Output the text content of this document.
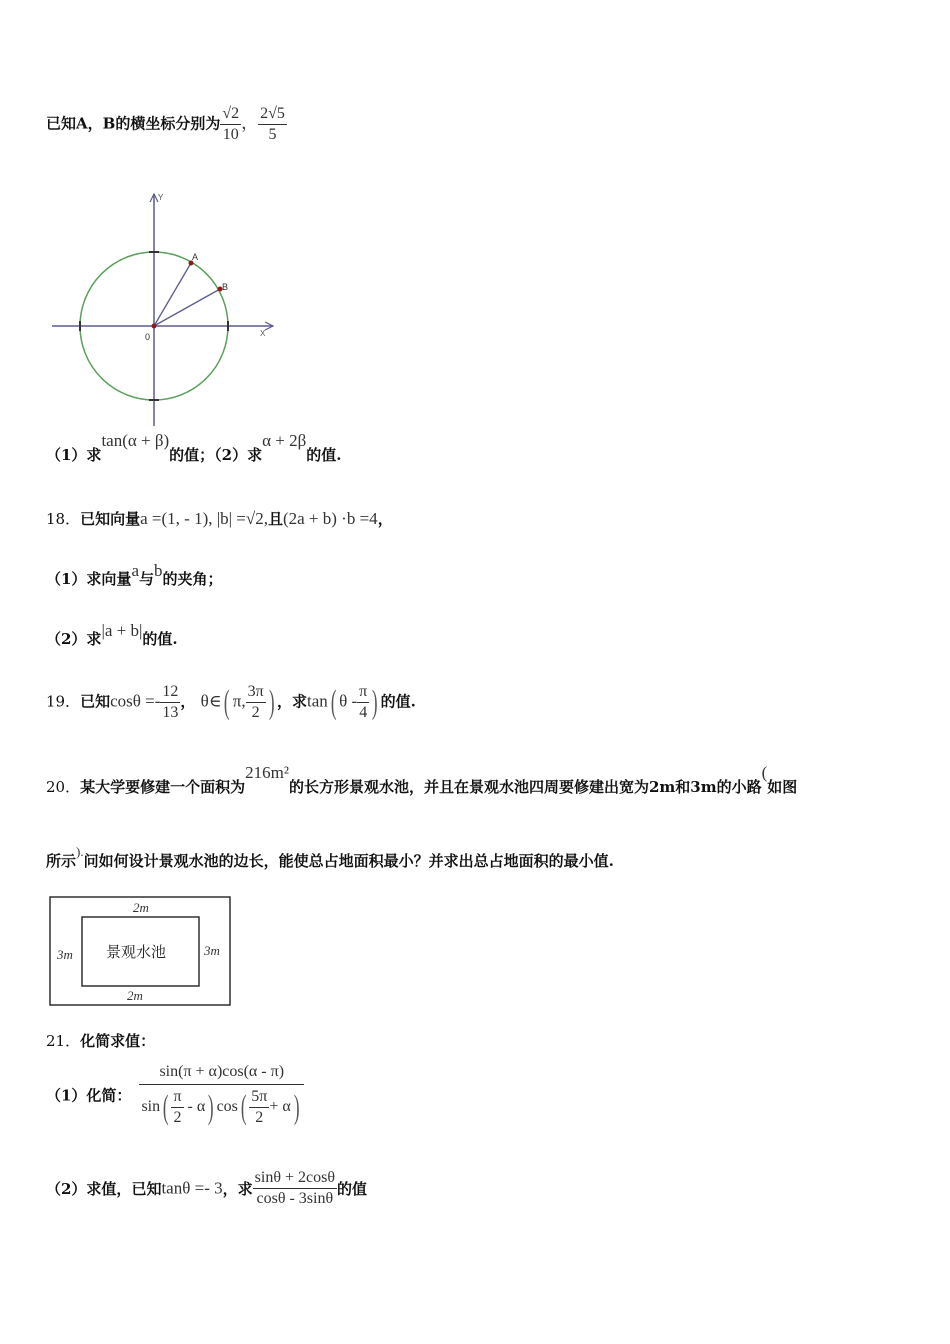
已知A，B的横坐标分别为 $\frac{√2}{10}$ ， $\frac{2√5}{5}$
A
B
0
Y
X
（1）求tan(α + β)的值；（2）求α + 2β的值.
18．已知向量a =(1, - 1), |b| =√2,且(2a + b) ·b =4，
（1）求向量a与b的夹角；
（2）求|a + b|的值.
19．已知$\cos\theta =- \frac{12}{13}$ ， θ∈( π, $\frac{3\pi}{2}$ ) ，求tan( θ - $\frac{\pi}{4}$ ) 的值.
20．某大学要修建一个面积为216m²的长方形景观水池，并且在景观水池四周要修建出宽为2m和3m的小路(如图
所示).问如何设计景观水池的边长，能使总占地面积最小？并求出总占地面积的最小值.
2m
2m
3m	3m
景观水池
21．化简求值：
（1）化简： $\frac{\sin(\pi + \alpha)\cos(\alpha - \pi)}{\sin( \frac{\pi}{2} - \alpha) \cos( \frac{5\pi}{2} + \alpha)}$
（2）求值，已知tanθ =- 3，求 $\frac{\sin\theta + 2\cos\theta}{\cos\theta - 3\sin\theta}$ 的值
